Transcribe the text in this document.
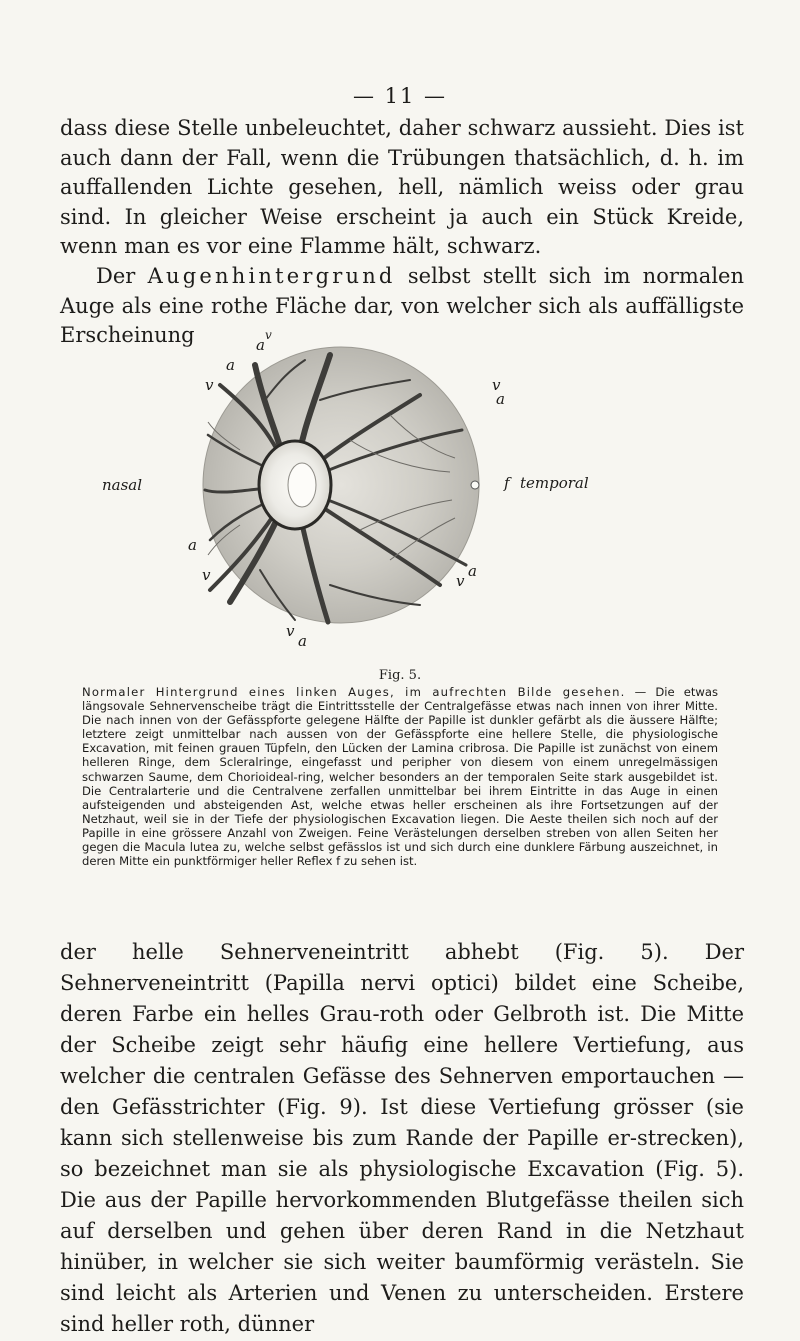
— 11 —

dass diese Stelle unbeleuchtet, daher schwarz aussieht. Dies ist auch dann der Fall, wenn die Trübungen thatsächlich, d. h. im auffallenden Lichte gesehen, hell, nämlich weiss oder grau sind. In gleicher Weise erscheint ja auch ein Stück Kreide, wenn man es vor eine Flamme hält, schwarz.

Der Augenhintergrund selbst stellt sich im normalen Auge als eine rothe Fläche dar, von welcher sich als auffälligste Erscheinung

nasal	f temporal
a
v
a
v	v
a
a
v	a
v
v
a
Fig. 5.

Normaler Hintergrund eines linken Auges, im aufrechten Bilde gesehen. — Die etwas längsovale Sehnervenscheibe trägt die Eintrittsstelle der Centralgefässe etwas nach innen von ihrer Mitte. Die nach innen von der Gefässpforte gelegene Hälfte der Papille ist dunkler gefärbt als die äussere Hälfte; letztere zeigt unmittelbar nach aussen von der Gefässpforte eine hellere Stelle, die physiologische Excavation, mit feinen grauen Tüpfeln, den Lücken der Lamina cribrosa. Die Papille ist zunächst von einem helleren Ringe, dem Scleralringe, eingefasst und peripher von diesem von einem unregelmässigen schwarzen Saume, dem Chorioideal-ring, welcher besonders an der temporalen Seite stark ausgebildet ist. Die Centralarterie und die Centralvene zerfallen unmittelbar bei ihrem Eintritte in das Auge in einen aufsteigenden und absteigenden Ast, welche etwas heller erscheinen als ihre Fortsetzungen auf der Netzhaut, weil sie in der Tiefe der physiologischen Excavation liegen. Die Aeste theilen sich noch auf der Papille in eine grössere Anzahl von Zweigen. Feine Verästelungen derselben streben von allen Seiten her gegen die Macula lutea zu, welche selbst gefässlos ist und sich durch eine dunklere Färbung auszeichnet, in deren Mitte ein punktförmiger heller Reflex f zu sehen ist.

der helle Sehnerveneintritt abhebt (Fig. 5). Der Sehnerveneintritt (Papilla nervi optici) bildet eine Scheibe, deren Farbe ein helles Grau-roth oder Gelbroth ist. Die Mitte der Scheibe zeigt sehr häufig eine hellere Vertiefung, aus welcher die centralen Gefässe des Sehnerven emportauchen — den Gefässtrichter (Fig. 9). Ist diese Vertiefung grösser (sie kann sich stellenweise bis zum Rande der Papille er-strecken), so bezeichnet man sie als physiologische Excavation (Fig. 5). Die aus der Papille hervorkommenden Blutgefässe theilen sich auf derselben und gehen über deren Rand in die Netzhaut hinüber, in welcher sie sich weiter baumförmig verästeln. Sie sind leicht als Arterien und Venen zu unterscheiden. Erstere sind heller roth, dünner
